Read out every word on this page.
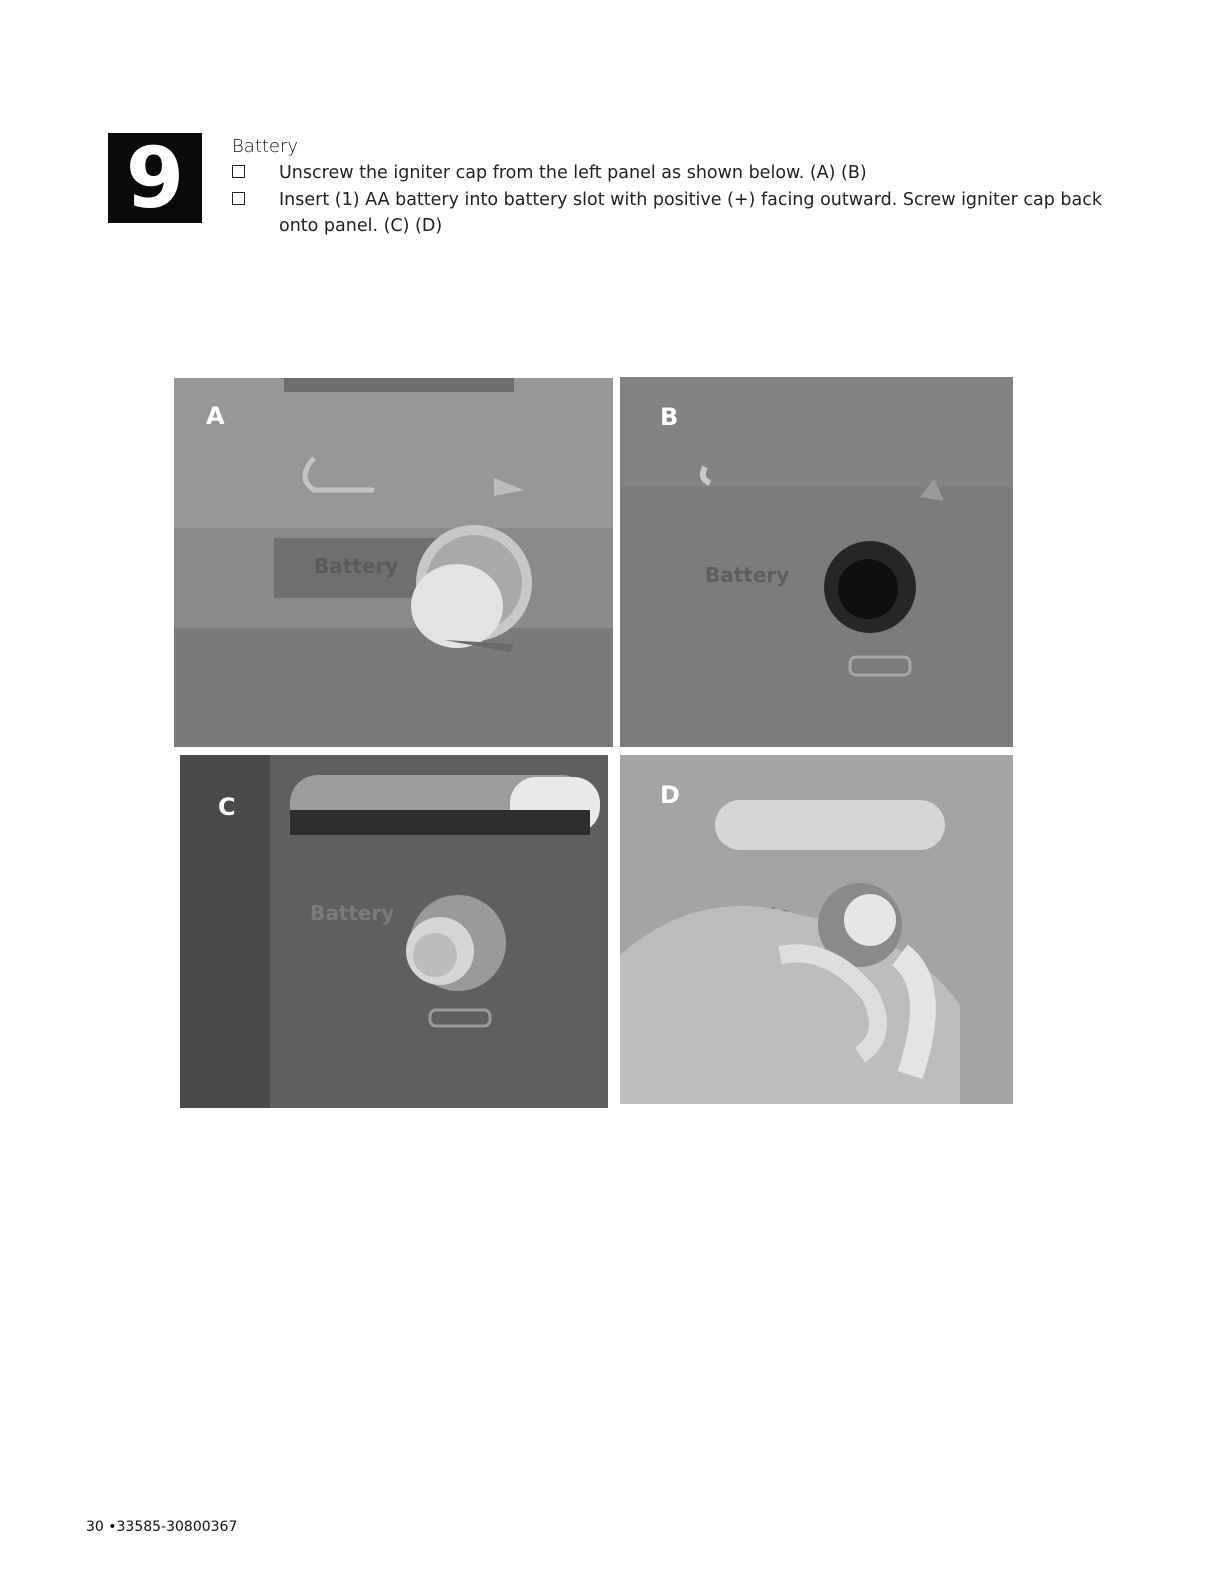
9	Battery
Unscrew the igniter cap from the left panel as shown below. (A) (B)
Insert (1) AA battery into battery slot with positive (+) facing outward. Screw igniter cap back
onto panel. (C) (D)
Battery
A
Battery
B
Battery
C	D
30 •33585-30800367
